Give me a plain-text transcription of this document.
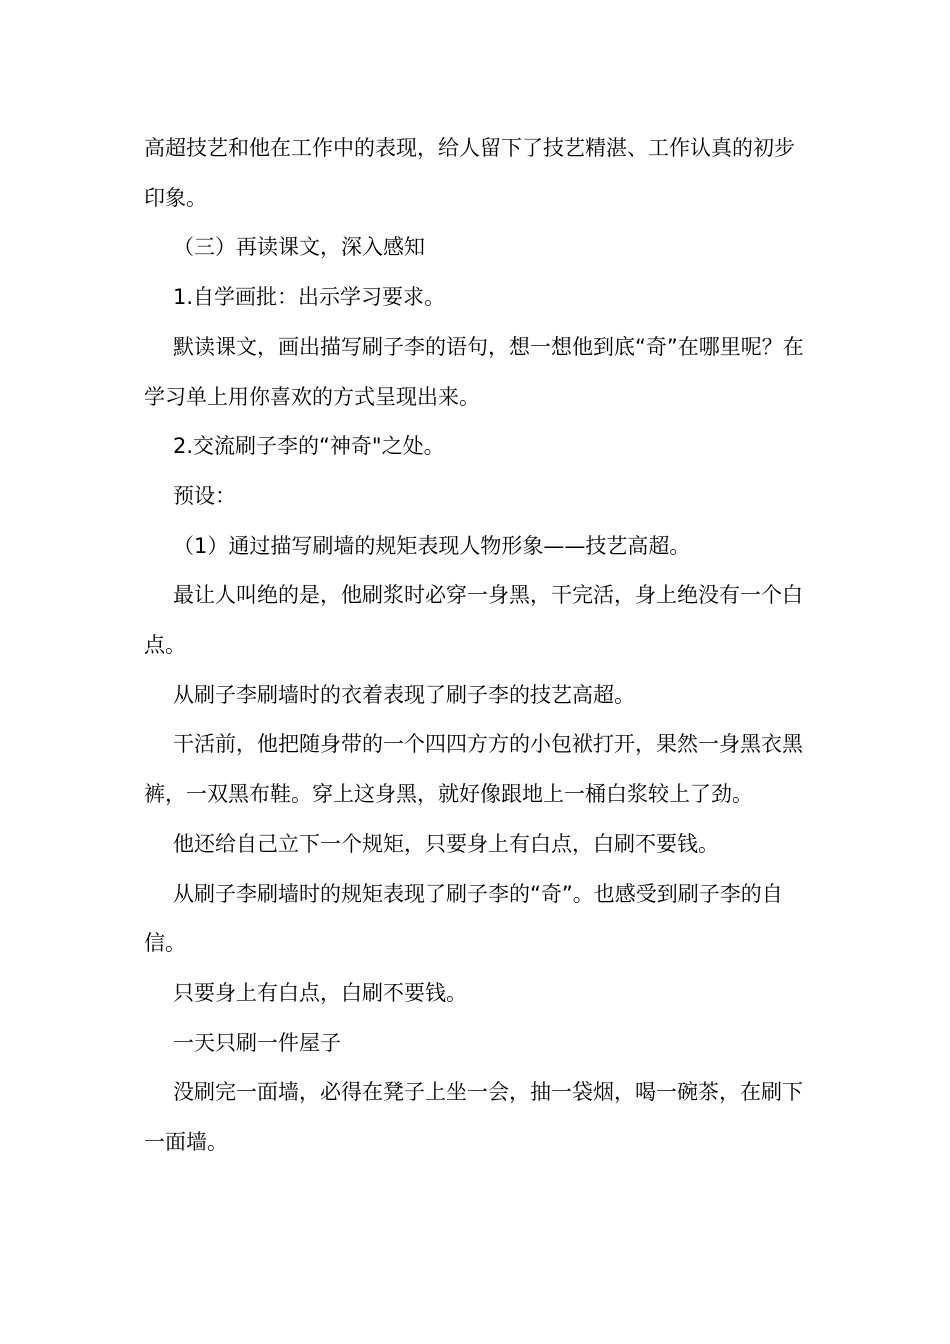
高超技艺和他在工作中的表现，给人留下了技艺精湛、工作认真的初步印象。

（三）再读课文，深入感知

1.自学画批：出示学习要求。

默读课文，画出描写刷子李的语句，想一想他到底“奇”在哪里呢？在学习单上用你喜欢的方式呈现出来。

2.交流刷子李的“神奇"之处。

预设：

（1）通过描写刷墙的规矩表现人物形象——技艺高超。

最让人叫绝的是，他刷浆时必穿一身黑，干完活，身上绝没有一个白点。

从刷子李刷墙时的衣着表现了刷子李的技艺高超。

干活前，他把随身带的一个四四方方的小包袱打开，果然一身黑衣黑裤，一双黑布鞋。穿上这身黑，就好像跟地上一桶白浆较上了劲。

他还给自己立下一个规矩，只要身上有白点，白刷不要钱。

从刷子李刷墙时的规矩表现了刷子李的“奇”。也感受到刷子李的自信。

只要身上有白点，白刷不要钱。

一天只刷一件屋子

没刷完一面墙，必得在凳子上坐一会，抽一袋烟，喝一碗茶，在刷下一面墙。
